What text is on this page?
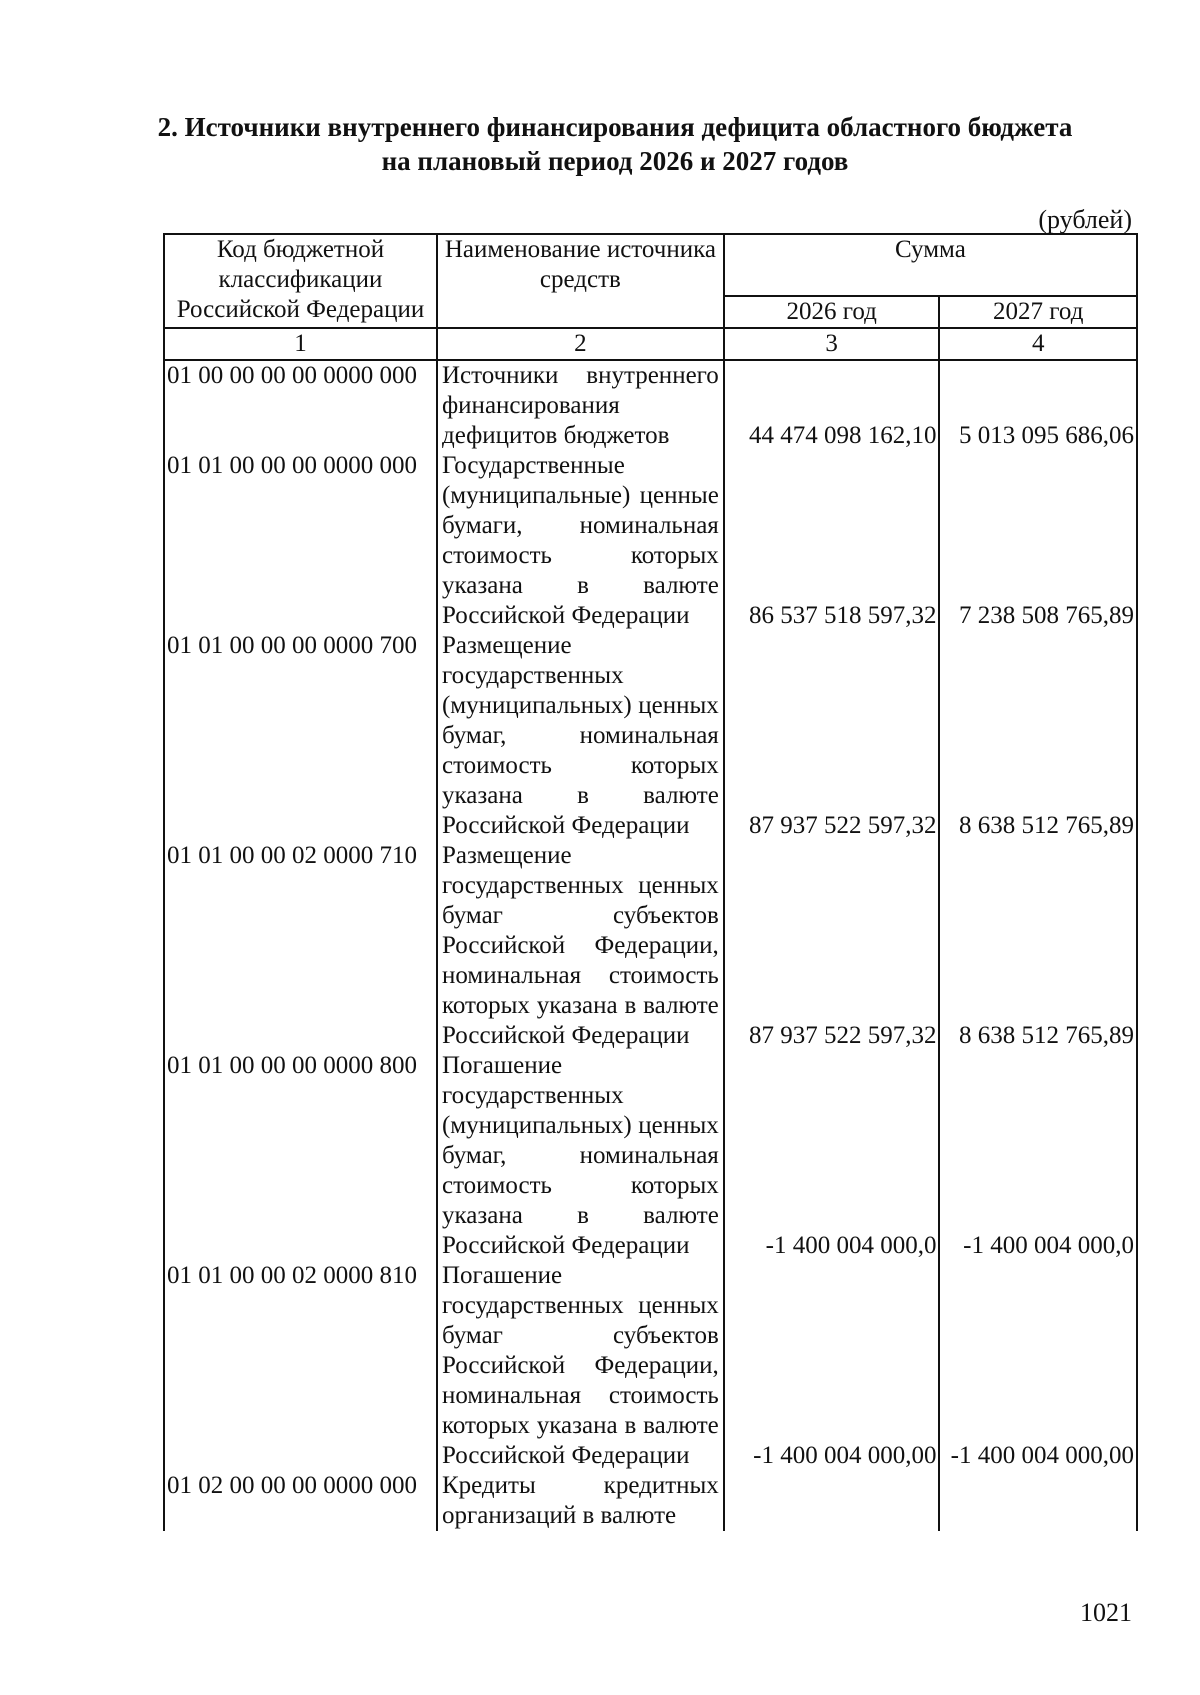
2. Источники внутреннего финансирования дефицита областного бюджета
на плановый период 2026 и 2027 годов
(рублей)
Код бюджетной классификации Российской Федерации	Наименование источника средств	Сумма	
		2026 год	2027 год
1	2	3	4
01 00 00 00 00 0000 000	Источники внутреннего финансирования дефицитов бюджетов	44 474 098 162,10	5 013 095 686,06
01 01 00 00 00 0000 000	Государственные (муниципальные) ценные бумаги, номинальная стоимость которых указана в валюте Российской Федерации	86 537 518 597,32	7 238 508 765,89
01 01 00 00 00 0000 700	Размещение государственных (муниципальных) ценных бумаг, номинальная стоимость которых указана в валюте Российской Федерации	87 937 522 597,32	8 638 512 765,89
01 01 00 00 02 0000 710	Размещение государственных ценных бумаг субъектов Российской Федерации, номинальная стоимость которых указана в валюте Российской Федерации	87 937 522 597,32	8 638 512 765,89
01 01 00 00 00 0000 800	Погашение государственных (муниципальных) ценных бумаг, номинальная стоимость которых указана в валюте Российской Федерации	-1 400 004 000,0	-1 400 004 000,0
01 01 00 00 02 0000 810	Погашение государственных ценных бумаг субъектов Российской Федерации, номинальная стоимость которых указана в валюте Российской Федерации	-1 400 004 000,00	-1 400 004 000,00
01 02 00 00 00 0000 000	Кредиты кредитных организаций в валюте		
1021
